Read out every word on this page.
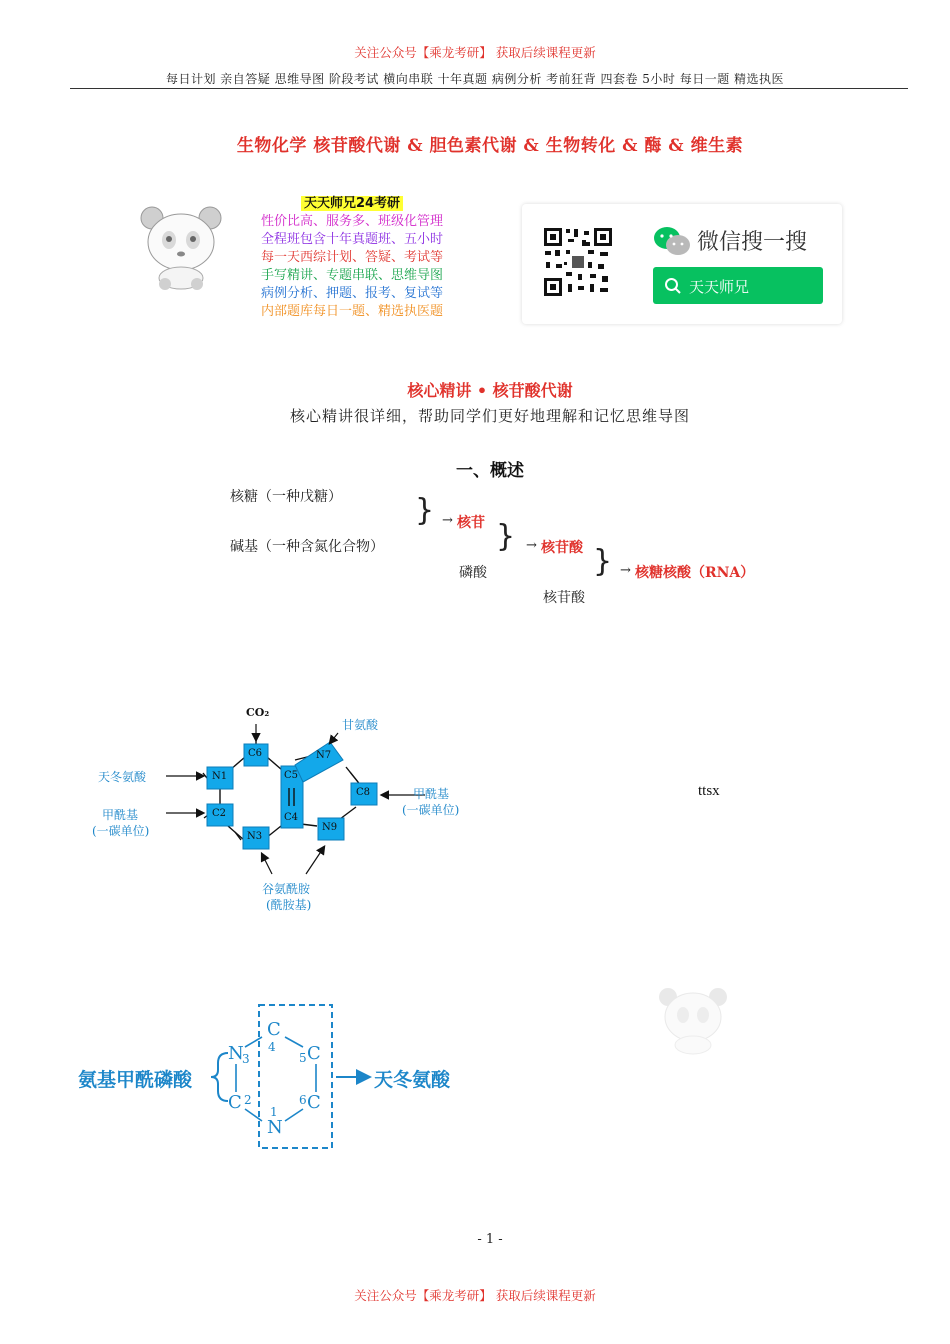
关注公众号【乘龙考研】 获取后续课程更新
每日计划 亲自答疑 思维导图 阶段考试 横向串联 十年真题 病例分析 考前狂背 四套卷 5小时 每日一题 精选执医
生物化学 核苷酸代谢 & 胆色素代谢 & 生物转化 & 酶 & 维生素
天天师兄24考研
性价比高、服务多、班级化管理
全程班包含十年真题班、五小时
每一天西综计划、答疑、考试等
手写精讲、专题串联、思维导图
病例分析、押题、报考、复试等
内部题库每日一题、精选执医题
微信搜一搜
天天师兄
核心精讲 • 核苷酸代谢
核心精讲很详细，帮助同学们更好地理解和记忆思维导图
一、概述
核糖（一种戊糖）
碱基（一种含氮化合物）
} → 核苷
磷酸
} → 核苷酸
核苷酸
} → 核糖核酸（RNA）
CO₂
甘氨酸
天冬氨酸
甲酰基
(一碳单位)
甲酰基
(一碳单位)
谷氨酰胺
(酰胺基)
C6
N1
C2
N3
C5
C4
N7
C8
N9
ttsx
氨基甲酰磷酸	天冬氨酸
N
3
C 2
C
4 C
5
C
6
N
1
- 1 -
关注公众号【乘龙考研】 获取后续课程更新
